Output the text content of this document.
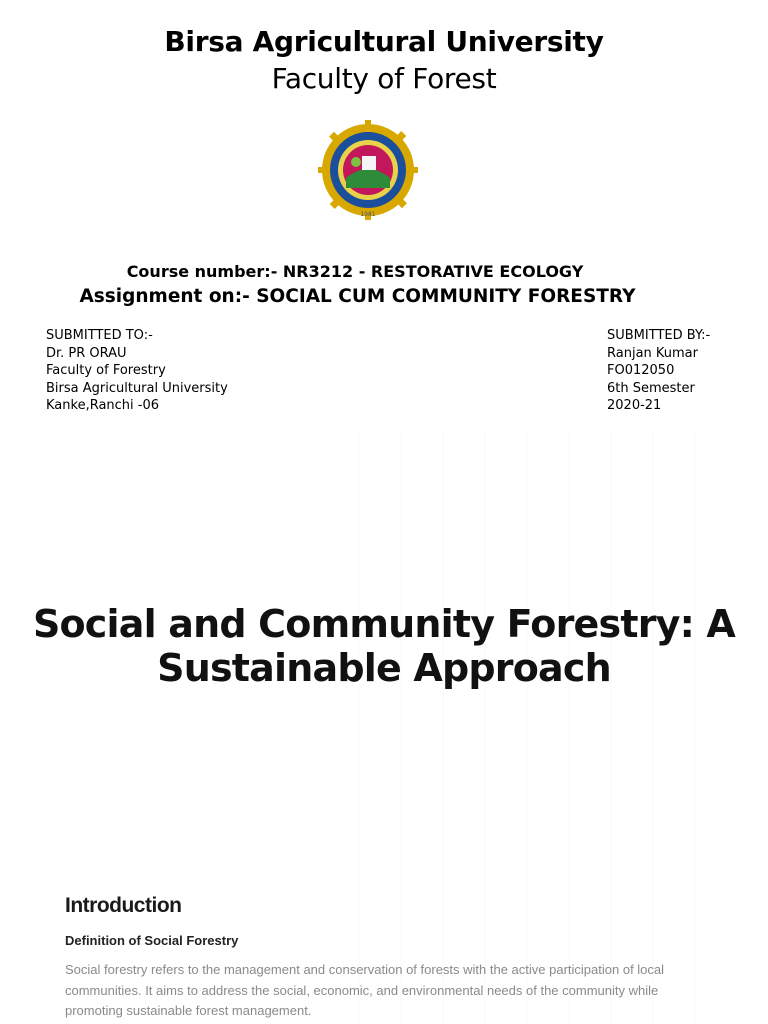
Birsa Agricultural University
Faculty of Forest
1981
Course number:- NR3212 - RESTORATIVE ECOLOGY
Assignment on:- SOCIAL CUM COMMUNITY FORESTRY
SUBMITTED TO:-
Dr. PR ORAU
Faculty of Forestry
Birsa Agricultural University
Kanke,Ranchi -06
SUBMITTED BY:-
Ranjan Kumar
FO012050
6th Semester
2020-21
Social and Community Forestry: A
Sustainable Approach
Introduction
Definition of Social Forestry
Social forestry refers to the management and conservation of forests with the active participation of local communities. It aims to address the social, economic, and environmental needs of the community while promoting sustainable forest management.
